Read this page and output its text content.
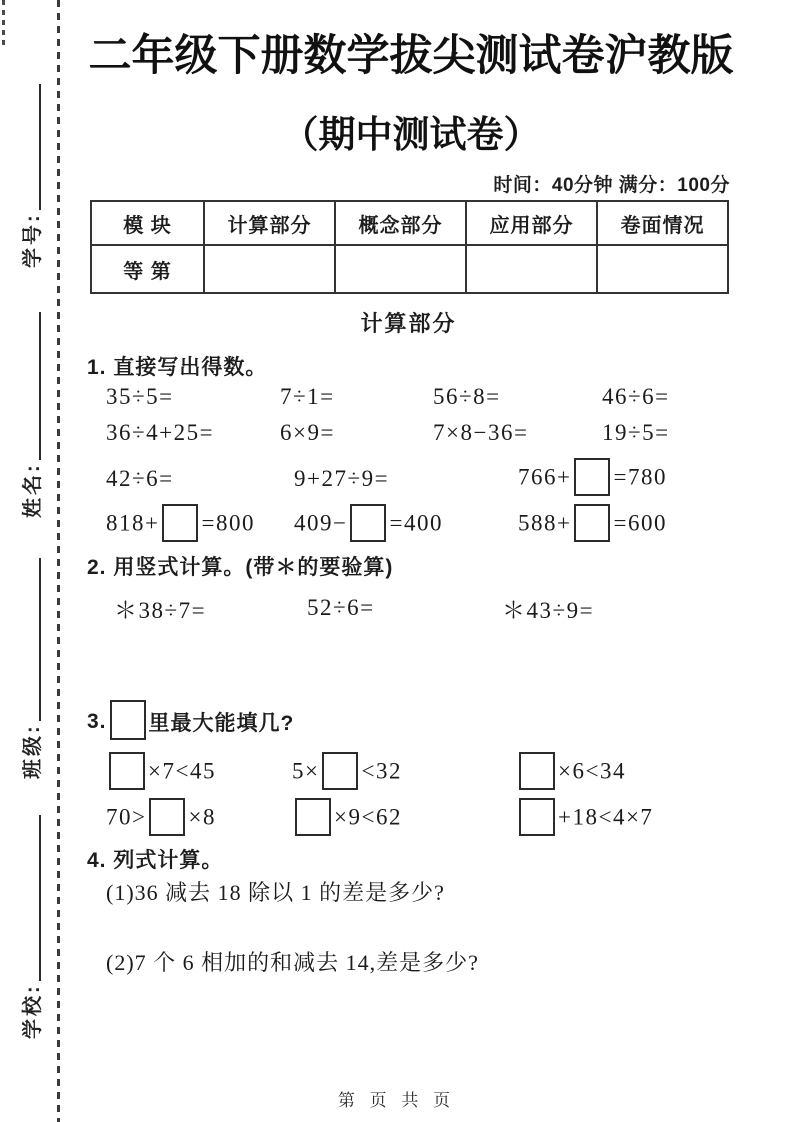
学号:
姓名:
班级:
学校:
二年级下册数学拔尖测试卷沪教版
（期中测试卷）
时间：40分钟 满分：100分
模 块	计算部分	概念部分	应用部分	卷面情况
等 第				
计算部分
1. 直接写出得数。
35÷5=	7÷1=	56÷8=	46÷6=
36÷4+25=	6×9=	7×8−36=	19÷5=
42÷6=	9+27÷9=	766+ =780
818+ =800	409− =400	588+ =600
2. 用竖式计算。(带＊的要验算)
＊38÷7=	52÷6=	＊43÷9=
3.
里最大能填几?
×7<45	5× <32	×6<34
70> ×8	×9<62	+18<4×7
4. 列式计算。
(1)36 减去 18 除以 1 的差是多少?
(2)7 个 6 相加的和减去 14,差是多少?
第 页 共 页
